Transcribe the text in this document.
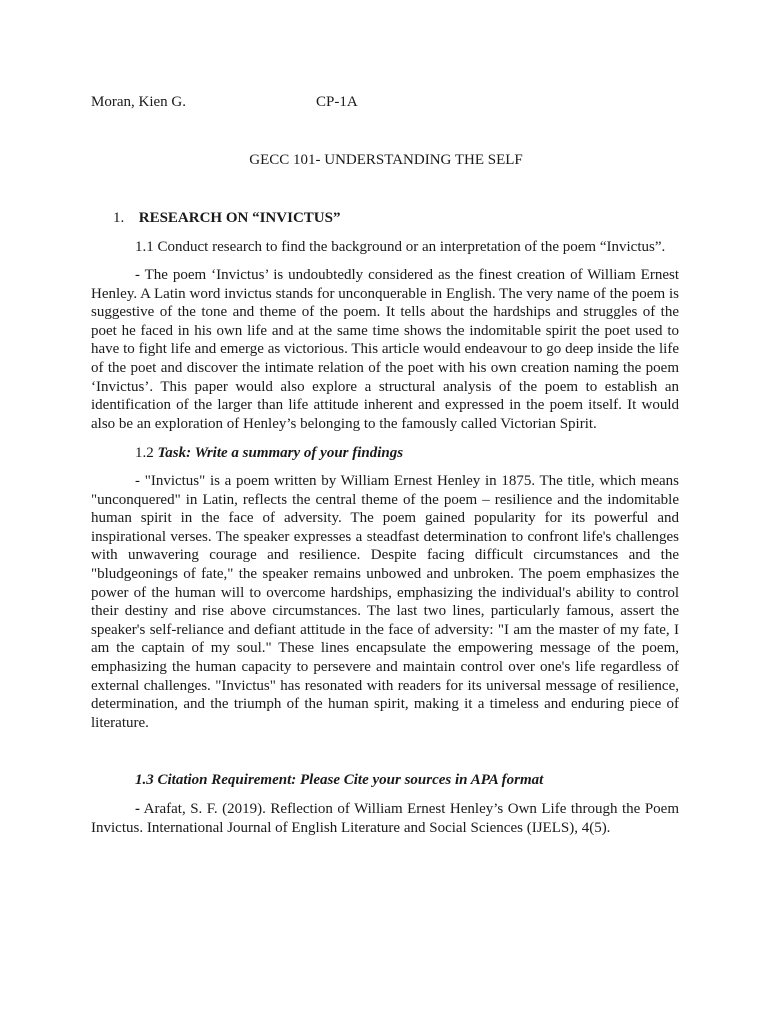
Moran, Kien G.	CP-1A
GECC 101- UNDERSTANDING THE SELF
1. RESEARCH ON “INVICTUS”
1.1 Conduct research to find the background or an interpretation of the poem “Invictus”.

- The poem ‘Invictus’ is undoubtedly considered as the finest creation of William Ernest Henley. A Latin word invictus stands for unconquerable in English. The very name of the poem is suggestive of the tone and theme of the poem. It tells about the hardships and struggles of the poet he faced in his own life and at the same time shows the indomitable spirit the poet used to have to fight life and emerge as victorious. This article would endeavour to go deep inside the life of the poet and discover the intimate relation of the poet with his own creation naming the poem ‘Invictus’. This paper would also explore a structural analysis of the poem to establish an identification of the larger than life attitude inherent and expressed in the poem itself. It would also be an exploration of Henley’s belonging to the famously called Victorian Spirit.

1.2 Task: Write a summary of your findings

- "Invictus" is a poem written by William Ernest Henley in 1875. The title, which means "unconquered" in Latin, reflects the central theme of the poem – resilience and the indomitable human spirit in the face of adversity. The poem gained popularity for its powerful and inspirational verses. The speaker expresses a steadfast determination to confront life's challenges with unwavering courage and resilience. Despite facing difficult circumstances and the "bludgeonings of fate," the speaker remains unbowed and unbroken. The poem emphasizes the power of the human will to overcome hardships, emphasizing the individual's ability to control their destiny and rise above circumstances. The last two lines, particularly famous, assert the speaker's self-reliance and defiant attitude in the face of adversity: "I am the master of my fate, I am the captain of my soul." These lines encapsulate the empowering message of the poem, emphasizing the human capacity to persevere and maintain control over one's life regardless of external challenges. "Invictus" has resonated with readers for its universal message of resilience, determination, and the triumph of the human spirit, making it a timeless and enduring piece of literature.

1.3 Citation Requirement: Please Cite your sources in APA format

- Arafat, S. F. (2019). Reflection of William Ernest Henley’s Own Life through the Poem Invictus. International Journal of English Literature and Social Sciences (IJELS), 4(5).
